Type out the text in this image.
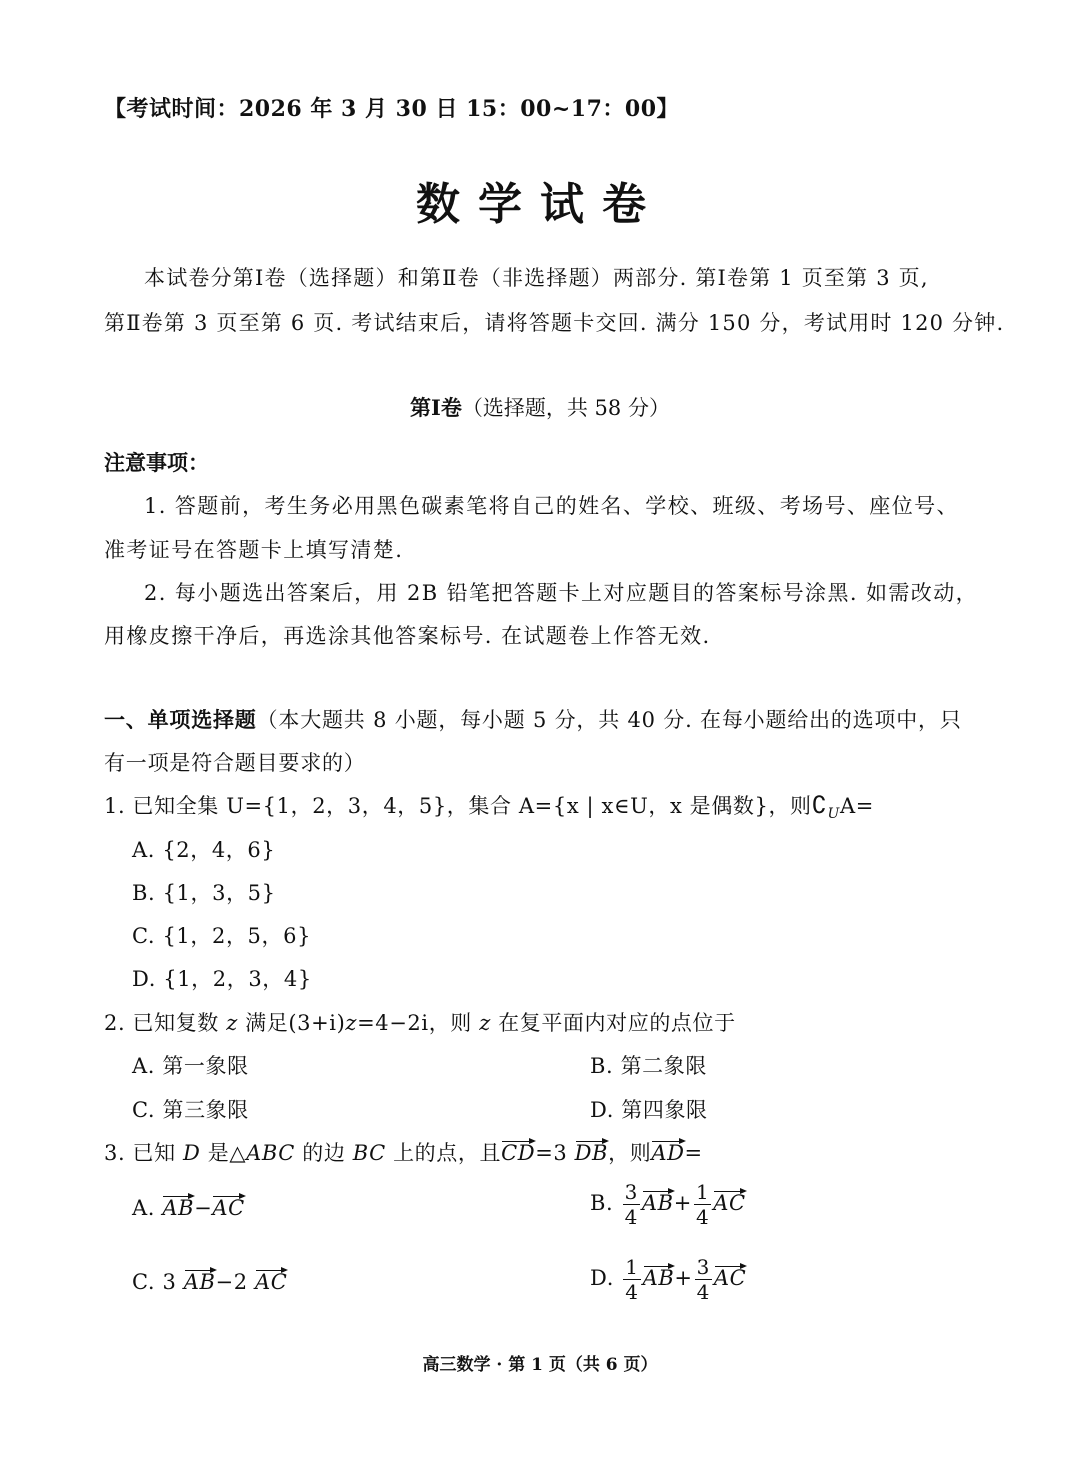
【考试时间：2026 年 3 月 30 日 15：00~17：00】
数学试卷
本试卷分第Ⅰ卷（选择题）和第Ⅱ卷（非选择题）两部分. 第Ⅰ卷第 1 页至第 3 页,
第Ⅱ卷第 3 页至第 6 页. 考试结束后，请将答题卡交回. 满分 150 分，考试用时 120 分钟.
第Ⅰ卷（选择题，共 58 分）
注意事项：
1. 答题前，考生务必用黑色碳素笔将自己的姓名、学校、班级、考场号、座位号、
准考证号在答题卡上填写清楚.
2. 每小题选出答案后，用 2B 铅笔把答题卡上对应题目的答案标号涂黑. 如需改动，
用橡皮擦干净后，再选涂其他答案标号. 在试题卷上作答无效.
一、单项选择题（本大题共 8 小题，每小题 5 分，共 40 分. 在每小题给出的选项中，只
有一项是符合题目要求的）
1. 已知全集 U={1，2，3，4，5}，集合 A={x | x∈U，x 是偶数}，则$∁_UA=$
A. {2，4，6}
B. {1，3，5}
C. {1，2，5，6}
D. {1，2，3，4}
2. 已知复数 z 满足(3+i)z=4−2i，则 z 在复平面内对应的点位于
A. 第一象限	B. 第二象限
C. 第三象限	D. 第四象限
3. 已知 D 是△ABC 的边 BC 上的点，且CD=3 DB，则AD=
A. AB−AC	B. $\frac{3}{4} AB+ \frac{1}{4}$ AC
C. 3 AB−2 AC	D. $\frac{1}{4} AB+ \frac{3}{4}$ AC
高三数学 · 第 1 页（共 6 页）
